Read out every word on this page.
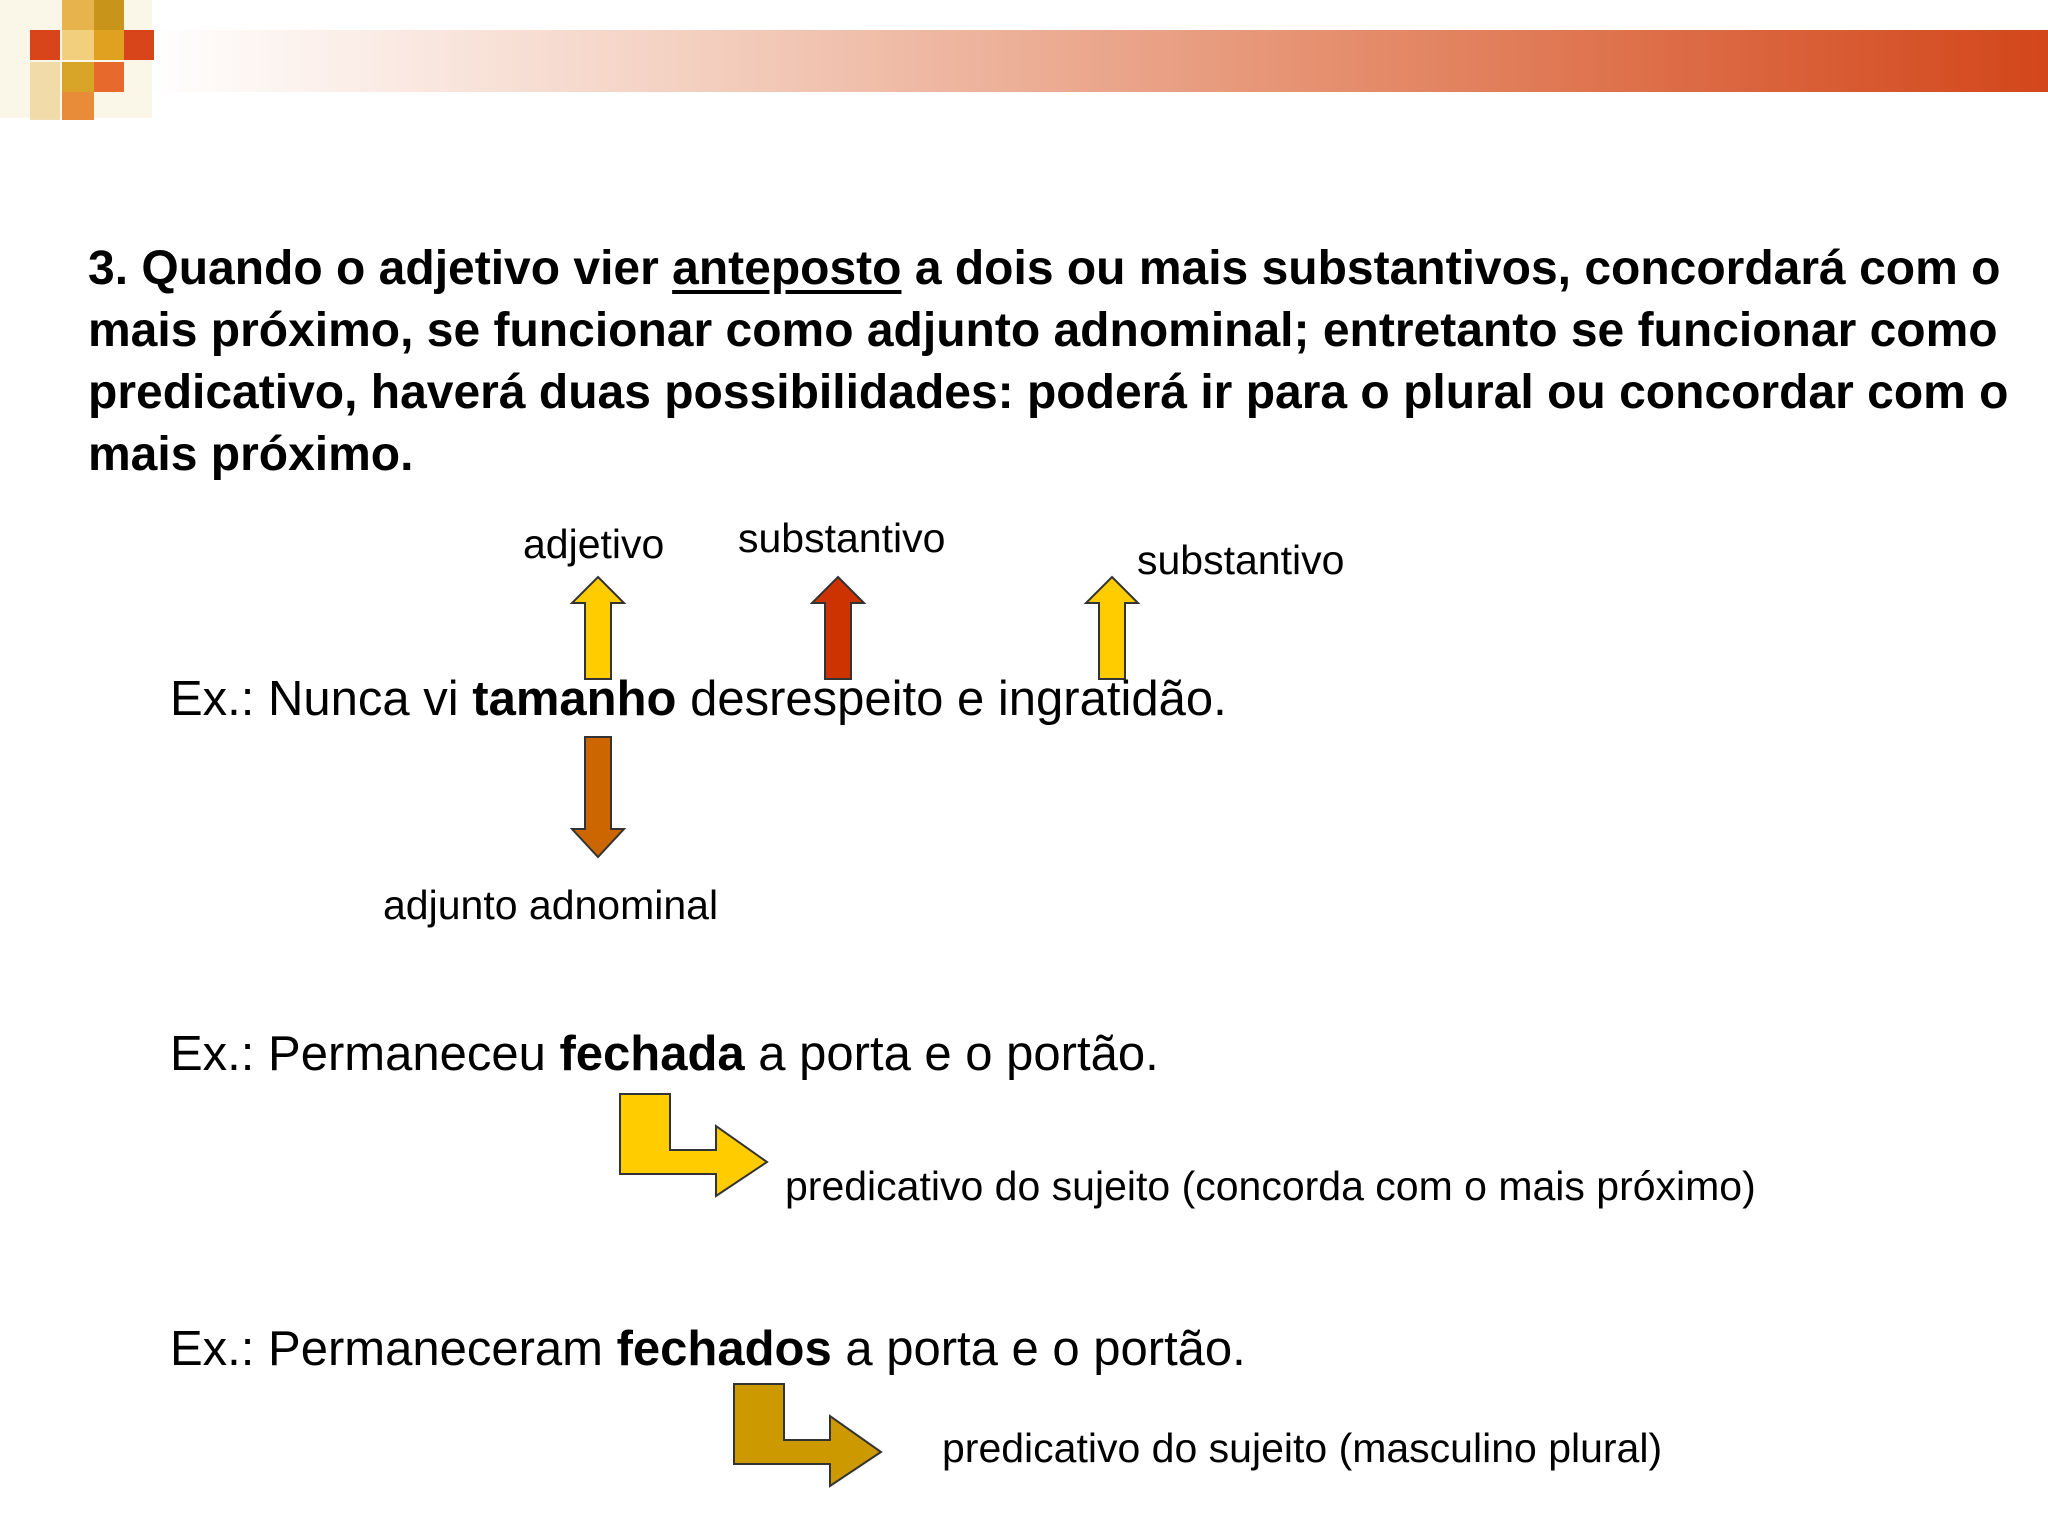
3. Quando o adjetivo vier anteposto a dois ou mais substantivos, concordará com o mais próximo, se funcionar como adjunto adnominal; entretanto se funcionar como predicativo, haverá duas possibilidades: poderá ir para o plural ou concordar com o mais próximo.
adjetivo substantivo	substantivo
Ex.: Nunca vi tamanho desrespeito e ingratidão.
adjunto adnominal
Ex.: Permaneceu fechada a porta e o portão.
predicativo do sujeito (concorda com o mais próximo)
Ex.: Permaneceram fechados a porta e o portão.
predicativo do sujeito (masculino plural)
